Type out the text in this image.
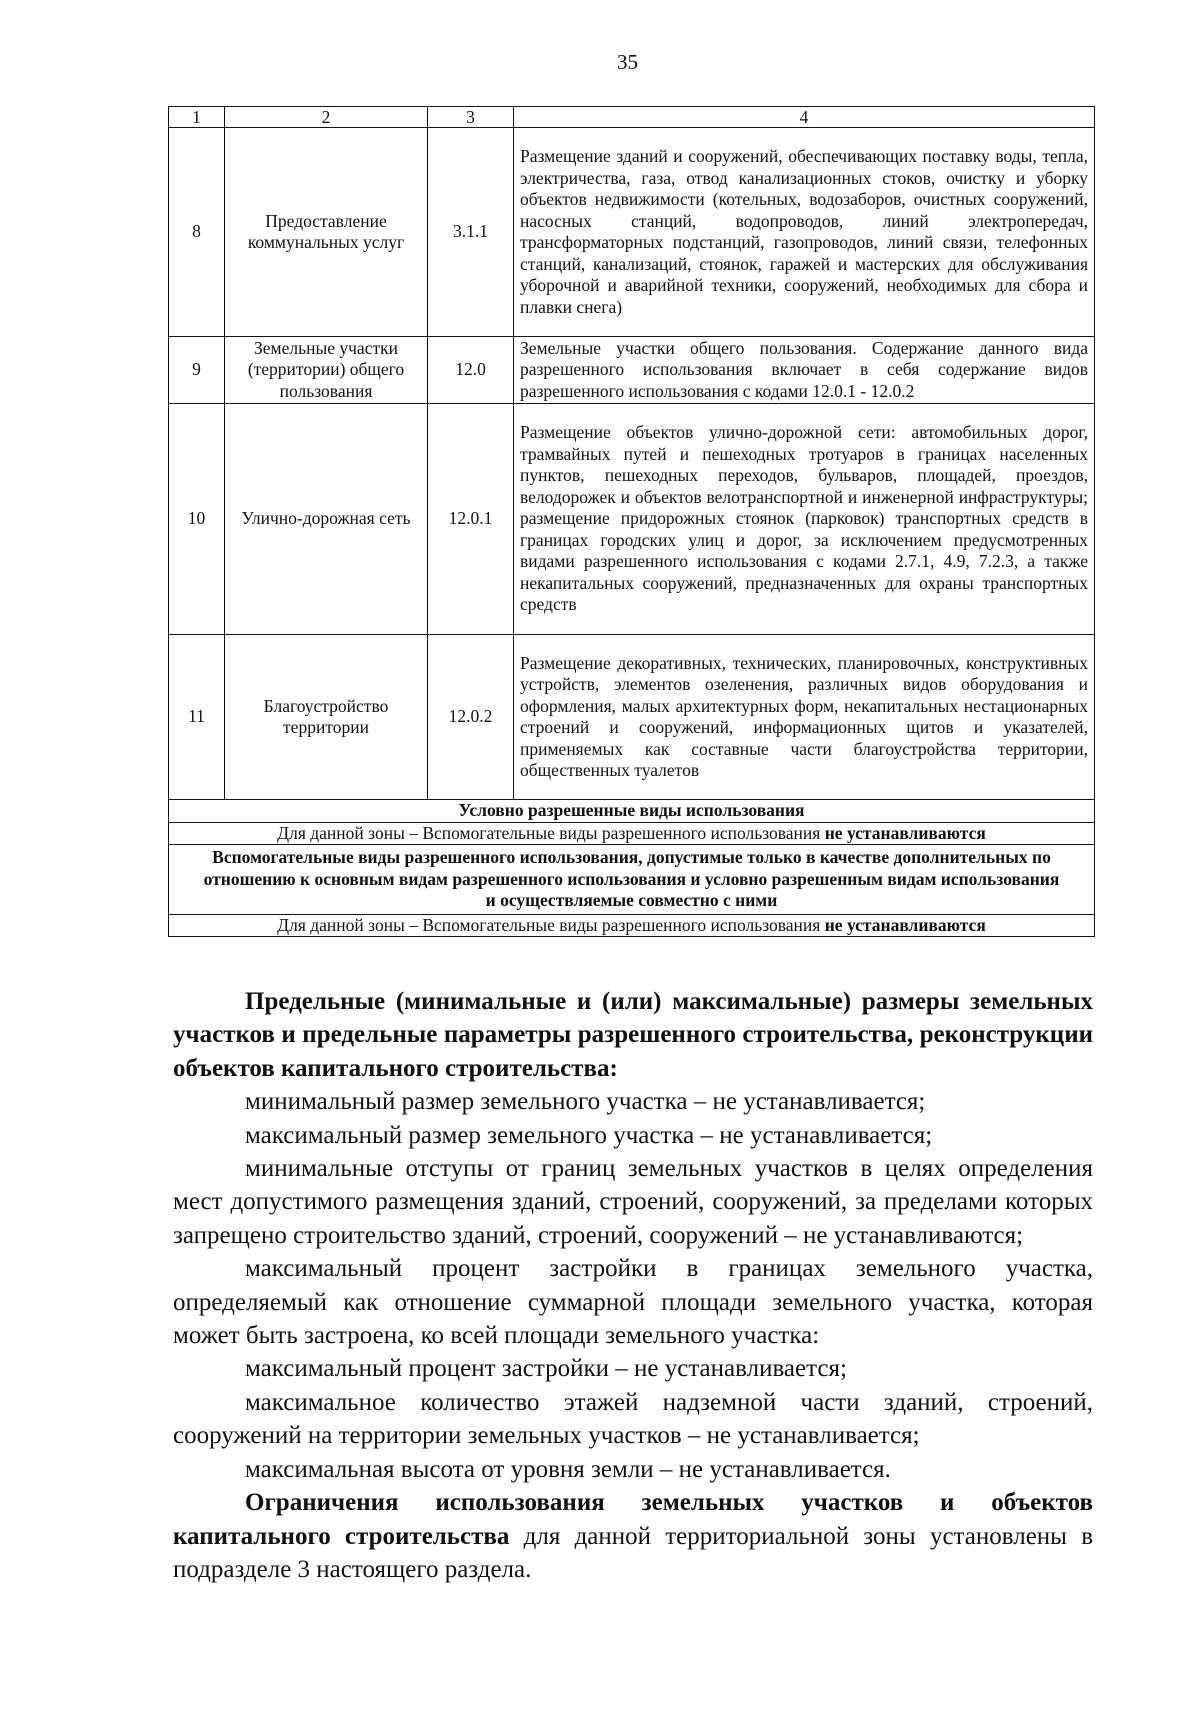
35
1	2	3	4
8	Предоставление коммунальных услуг	3.1.1	Размещение зданий и сооружений, обеспечивающих поставку воды, тепла, электричества, газа, отвод канализационных стоков, очистку и уборку объектов недвижимости (котельных, водозаборов, очистных сооружений, насосных станций, водопроводов, линий электропередач, трансформаторных подстанций, газопроводов, линий связи, телефонных станций, канализаций, стоянок, гаражей и мастерских для обслуживания уборочной и аварийной техники, сооружений, необходимых для сбора и плавки снега)
9	Земельные участки (территории) общего пользования	12.0	Земельные участки общего пользования. Содержание данного вида разрешенного использования включает в себя содержание видов разрешенного использования с кодами 12.0.1 - 12.0.2
10	Улично-дорожная сеть	12.0.1	Размещение объектов улично-дорожной сети: автомобильных дорог, трамвайных путей и пешеходных тротуаров в границах населенных пунктов, пешеходных переходов, бульваров, площадей, проездов, велодорожек и объектов велотранспортной и инженерной инфраструктуры; размещение придорожных стоянок (парковок) транспортных средств в границах городских улиц и дорог, за исключением предусмотренных видами разрешенного использования с кодами 2.7.1, 4.9, 7.2.3, а также некапитальных сооружений, предназначенных для охраны транспортных средств
11	Благоустройство территории	12.0.2	Размещение декоративных, технических, планировочных, конструктивных устройств, элементов озеленения, различных видов оборудования и оформления, малых архитектурных форм, некапитальных нестационарных строений и сооружений, информационных щитов и указателей, применяемых как составные части благоустройства территории, общественных туалетов
Условно разрешенные виды использования			
Для данной зоны – Вспомогательные виды разрешенного использования не устанавливаются			
Вспомогательные виды разрешенного использования, допустимые только в качестве дополнительных по отношению к основным видам разрешенного использования и условно разрешенным видам использования и осуществляемые совместно с ними			
Для данной зоны – Вспомогательные виды разрешенного использования не устанавливаются			

Предельные (минимальные и (или) максимальные) размеры земельных участков и предельные параметры разрешенного строительства, реконструкции объектов капитального строительства:

минимальный размер земельного участка – не устанавливается;

максимальный размер земельного участка – не устанавливается;

минимальные отступы от границ земельных участков в целях определения мест допустимого размещения зданий, строений, сооружений, за пределами которых запрещено строительство зданий, строений, сооружений – не устанавливаются;

максимальный процент застройки в границах земельного участка, определяемый как отношение суммарной площади земельного участка, которая может быть застроена, ко всей площади земельного участка:

максимальный процент застройки – не устанавливается;

максимальное количество этажей надземной части зданий, строений, сооружений на территории земельных участков – не устанавливается;

максимальная высота от уровня земли – не устанавливается.

Ограничения использования земельных участков и объектов капитального строительства для данной территориальной зоны установлены в подразделе 3 настоящего раздела.
